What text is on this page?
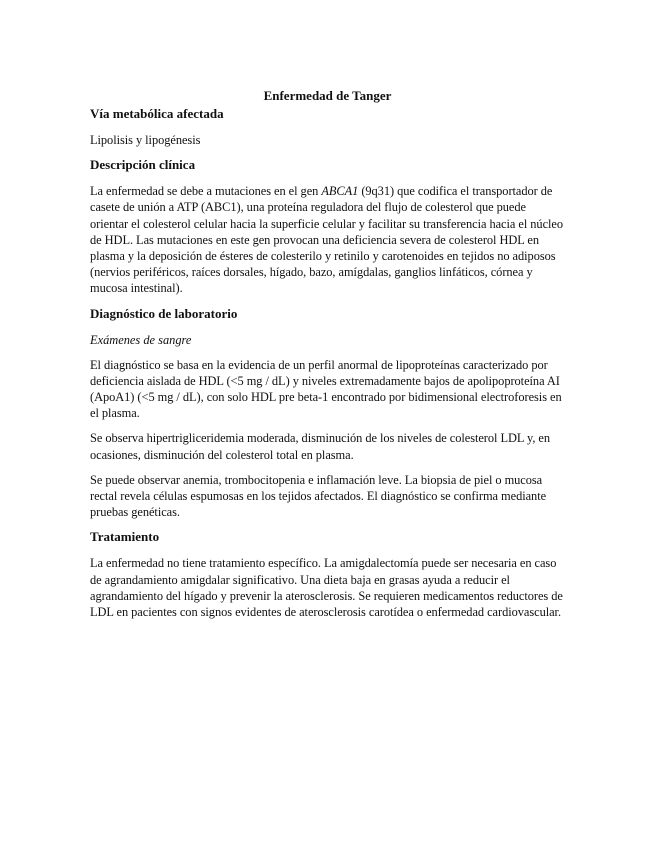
Enfermedad de Tanger
Vía metabólica afectada

Lipolisis y lipogénesis

Descripción clínica

La enfermedad se debe a mutaciones en el gen ABCA1 (9q31) que codifica el transportador de casete de unión a ATP (ABC1), una proteína reguladora del flujo de colesterol que puede orientar el colesterol celular hacia la superficie celular y facilitar su transferencia hacia el núcleo de HDL. Las mutaciones en este gen provocan una deficiencia severa de colesterol HDL en plasma y la deposición de ésteres de colesterilo y retinilo y carotenoides en tejidos no adiposos (nervios periféricos, raíces dorsales, hígado, bazo, amígdalas, ganglios linfáticos, córnea y mucosa intestinal).

Diagnóstico de laboratorio
Exámenes de sangre

El diagnóstico se basa en la evidencia de un perfil anormal de lipoproteínas caracterizado por deficiencia aislada de HDL (<5 mg / dL) y niveles extremadamente bajos de apolipoproteína AI (ApoA1) (<5 mg / dL), con solo HDL pre beta-1 encontrado por bidimensional electroforesis en el plasma.

Se observa hipertrigliceridemia moderada, disminución de los niveles de colesterol LDL y, en ocasiones, disminución del colesterol total en plasma.

Se puede observar anemia, trombocitopenia e inflamación leve. La biopsia de piel o mucosa rectal revela células espumosas en los tejidos afectados. El diagnóstico se confirma mediante pruebas genéticas.

Tratamiento

La enfermedad no tiene tratamiento específico. La amigdalectomía puede ser necesaria en caso de agrandamiento amigdalar significativo. Una dieta baja en grasas ayuda a reducir el agrandamiento del hígado y prevenir la aterosclerosis. Se requieren medicamentos reductores de LDL en pacientes con signos evidentes de aterosclerosis carotídea o enfermedad cardiovascular.
